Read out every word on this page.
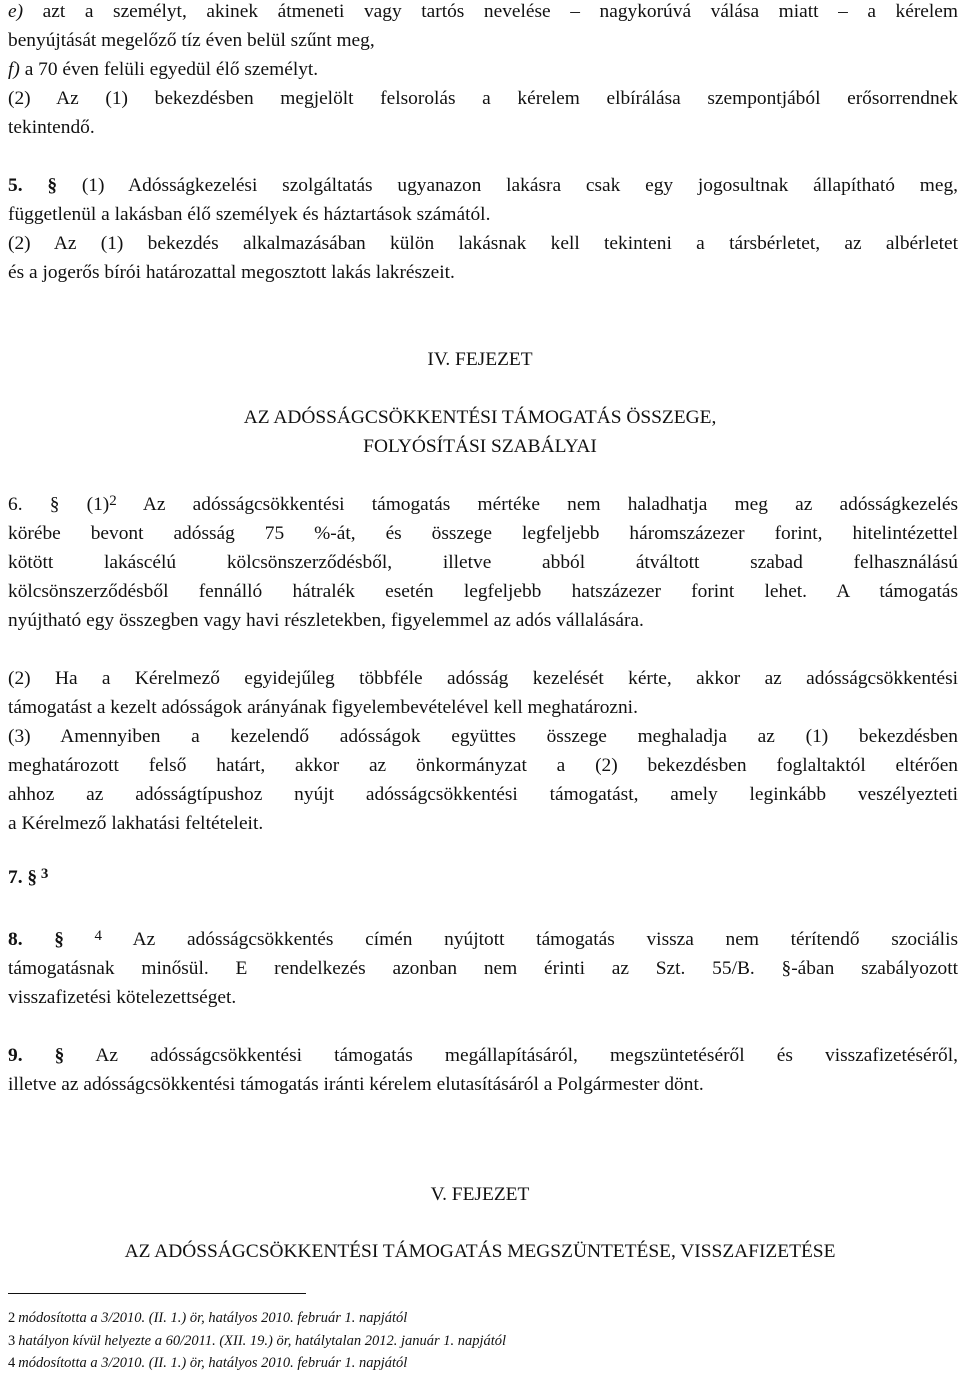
e) azt a személyt, akinek átmeneti vagy tartós nevelése – nagykorúvá válása miatt – a kérelem
benyújtását megelőző tíz éven belül szűnt meg,
f) a 70 éven felüli egyedül élő személyt.
(2) Az (1) bekezdésben megjelölt felsorolás a kérelem elbírálása szempontjából erősorrendnek
tekintendő.
5. § (1) Adósságkezelési szolgáltatás ugyanazon lakásra csak egy jogosultnak állapítható meg,
függetlenül a lakásban élő személyek és háztartások számától.
(2) Az (1) bekezdés alkalmazásában külön lakásnak kell tekinteni a társbérletet, az albérletet
és a jogerős bírói határozattal megosztott lakás lakrészeit.
IV. FEJEZET
AZ ADÓSSÁGCSÖKKENTÉSI TÁMOGATÁS ÖSSZEGE,
FOLYÓSÍTÁSI SZABÁLYAI
6. § $(1)^2$ Az adósságcsökkentési támogatás mértéke nem haladhatja meg az adósságkezelés
körébe bevont adósság 75 %-át, és összege legfeljebb háromszázezer forint, hitelintézettel
kötött lakáscélú kölcsönszerződésből, illetve abból átváltott szabad felhasználású
kölcsönszerződésből fennálló hátralék esetén legfeljebb hatszázezer forint lehet. A támogatás
nyújtható egy összegben vagy havi részletekben, figyelemmel az adós vállalására.
(2) Ha a Kérelmező egyidejűleg többféle adósság kezelését kérte, akkor az adósságcsökkentési
támogatást a kezelt adósságok arányának figyelembevételével kell meghatározni.
(3) Amennyiben a kezelendő adósságok együttes összege meghaladja az (1) bekezdésben
meghatározott felső határt, akkor az önkormányzat a (2) bekezdésben foglaltaktól eltérően
ahhoz az adósságtípushoz nyújt adósságcsökkentési támogatást, amely leginkább veszélyezteti
a Kérelmező lakhatási feltételeit.
7. § $^3$
8. § $^4$ Az adósságcsökkentés címén nyújtott támogatás vissza nem térítendő szociális
támogatásnak minősül. E rendelkezés azonban nem érinti az Szt. 55/B. §-ában szabályozott
visszafizetési kötelezettséget.
9. § Az adósságcsökkentési támogatás megállapításáról, megszüntetéséről és visszafizetéséről,
illetve az adósságcsökkentési támogatás iránti kérelem elutasításáról a Polgármester dönt.
V. FEJEZET
AZ ADÓSSÁGCSÖKKENTÉSI TÁMOGATÁS MEGSZÜNTETÉSE, VISSZAFIZETÉSE
2 módosította a 3/2010. (II. 1.) ör, hatályos 2010. február 1. napjától
3 hatályon kívül helyezte a 60/2011. (XII. 19.) ör, hatálytalan 2012. január 1. napjától
4 módosította a 3/2010. (II. 1.) ör, hatályos 2010. február 1. napjától
